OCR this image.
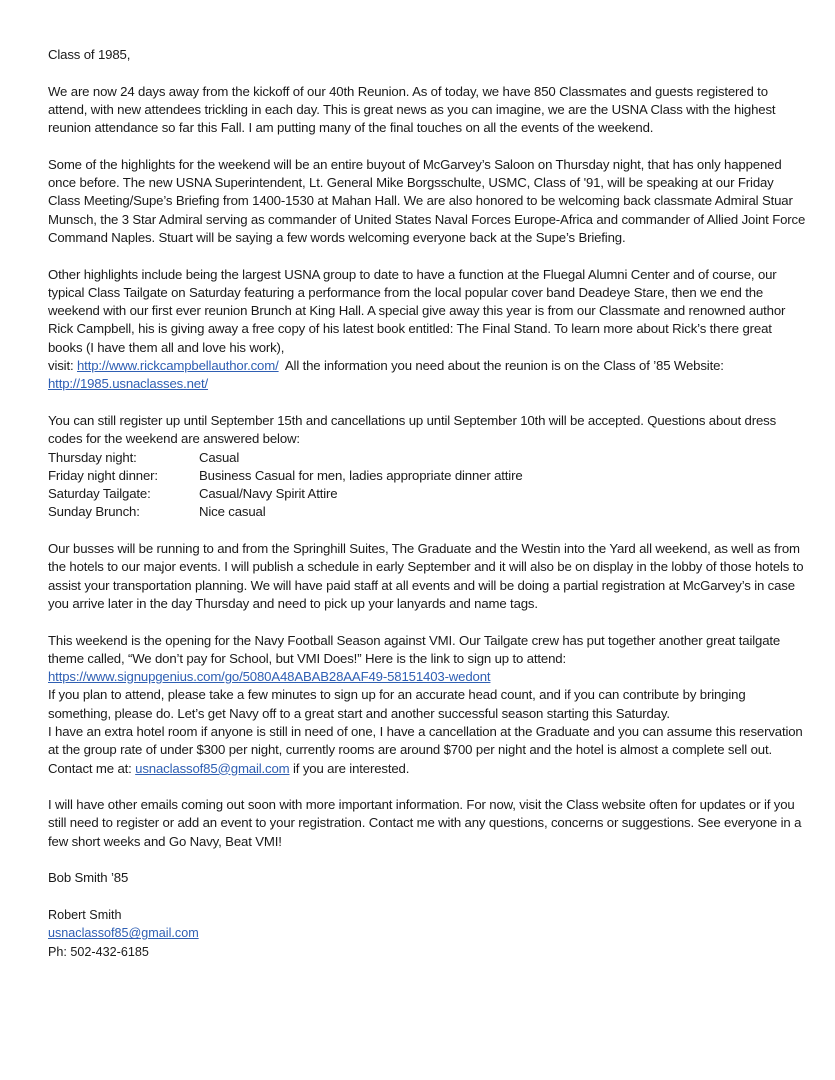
Class of 1985,

We are now 24 days away from the kickoff of our 40th Reunion. As of today, we have 850 Classmates and guests registered to attend, with new attendees trickling in each day. This is great news as you can imagine, we are the USNA Class with the highest reunion attendance so far this Fall. I am putting many of the final touches on all the events of the weekend.

Some of the highlights for the weekend will be an entire buyout of McGarvey’s Saloon on Thursday night, that has only happened once before. The new USNA Superintendent, Lt. General Mike Borgsschulte, USMC, Class of '91, will be speaking at our Friday Class Meeting/Supe’s Briefing from 1400-1530 at Mahan Hall. We are also honored to be welcoming back classmate Admiral Stuar Munsch, the 3 Star Admiral serving as commander of United States Naval Forces Europe-Africa and commander of Allied Joint Force Command Naples. Stuart will be saying a few words welcoming everyone back at the Supe’s Briefing.

Other highlights include being the largest USNA group to date to have a function at the Fluegal Alumni Center and of course, our typical Class Tailgate on Saturday featuring a performance from the local popular cover band Deadeye Stare, then we end the weekend with our first ever reunion Brunch at King Hall. A special give away this year is from our Classmate and renowned author Rick Campbell, his is giving away a free copy of his latest book entitled: The Final Stand. To learn more about Rick’s there great books (I have them all and love his work),
visit: http://www.rickcampbellauthor.com/  All the information you need about the reunion is on the Class of ’85 Website:  http://1985.usnaclasses.net/

You can still register up until September 15th and cancellations up until September 10th will be accepted. Questions about dress codes for the weekend are answered below:
Thursday night:	Casual
Friday night dinner:	Business Casual for men, ladies appropriate dinner attire
Saturday Tailgate:	Casual/Navy Spirit Attire
Sunday Brunch:	Nice casual

Our busses will be running to and from the Springhill Suites, The Graduate and the Westin into the Yard all weekend, as well as from the hotels to our major events. I will publish a schedule in early September and it will also be on display in the lobby of those hotels to assist your transportation planning. We will have paid staff at all events and will be doing a partial registration at McGarvey’s in case you arrive later in the day Thursday and need to pick up your lanyards and name tags.

This weekend is the opening for the Navy Football Season against VMI. Our Tailgate crew has put together another great tailgate theme called, “We don’t pay for School, but VMI Does!” Here is the link to sign up to attend:
https://www.signupgenius.com/go/5080A48ABAB28AAF49-58151403-wedont
If you plan to attend, please take a few minutes to sign up for an accurate head count, and if you can contribute by bringing something, please do. Let’s get Navy off to a great start and another successful season starting this Saturday.
I have an extra hotel room if anyone is still in need of one, I have a cancellation at the Graduate and you can assume this reservation at the group rate of under $300 per night, currently rooms are around $700 per night and the hotel is almost a complete sell out. Contact me at: usnaclassof85@gmail.com if you are interested.

I will have other emails coming out soon with more important information. For now, visit the Class website often for updates or if you still need to register or add an event to your registration. Contact me with any questions, concerns or suggestions. See everyone in a few short weeks and Go Navy, Beat VMI!

Bob Smith ’85

Robert Smith
usnaclassof85@gmail.com
Ph: 502-432-6185
